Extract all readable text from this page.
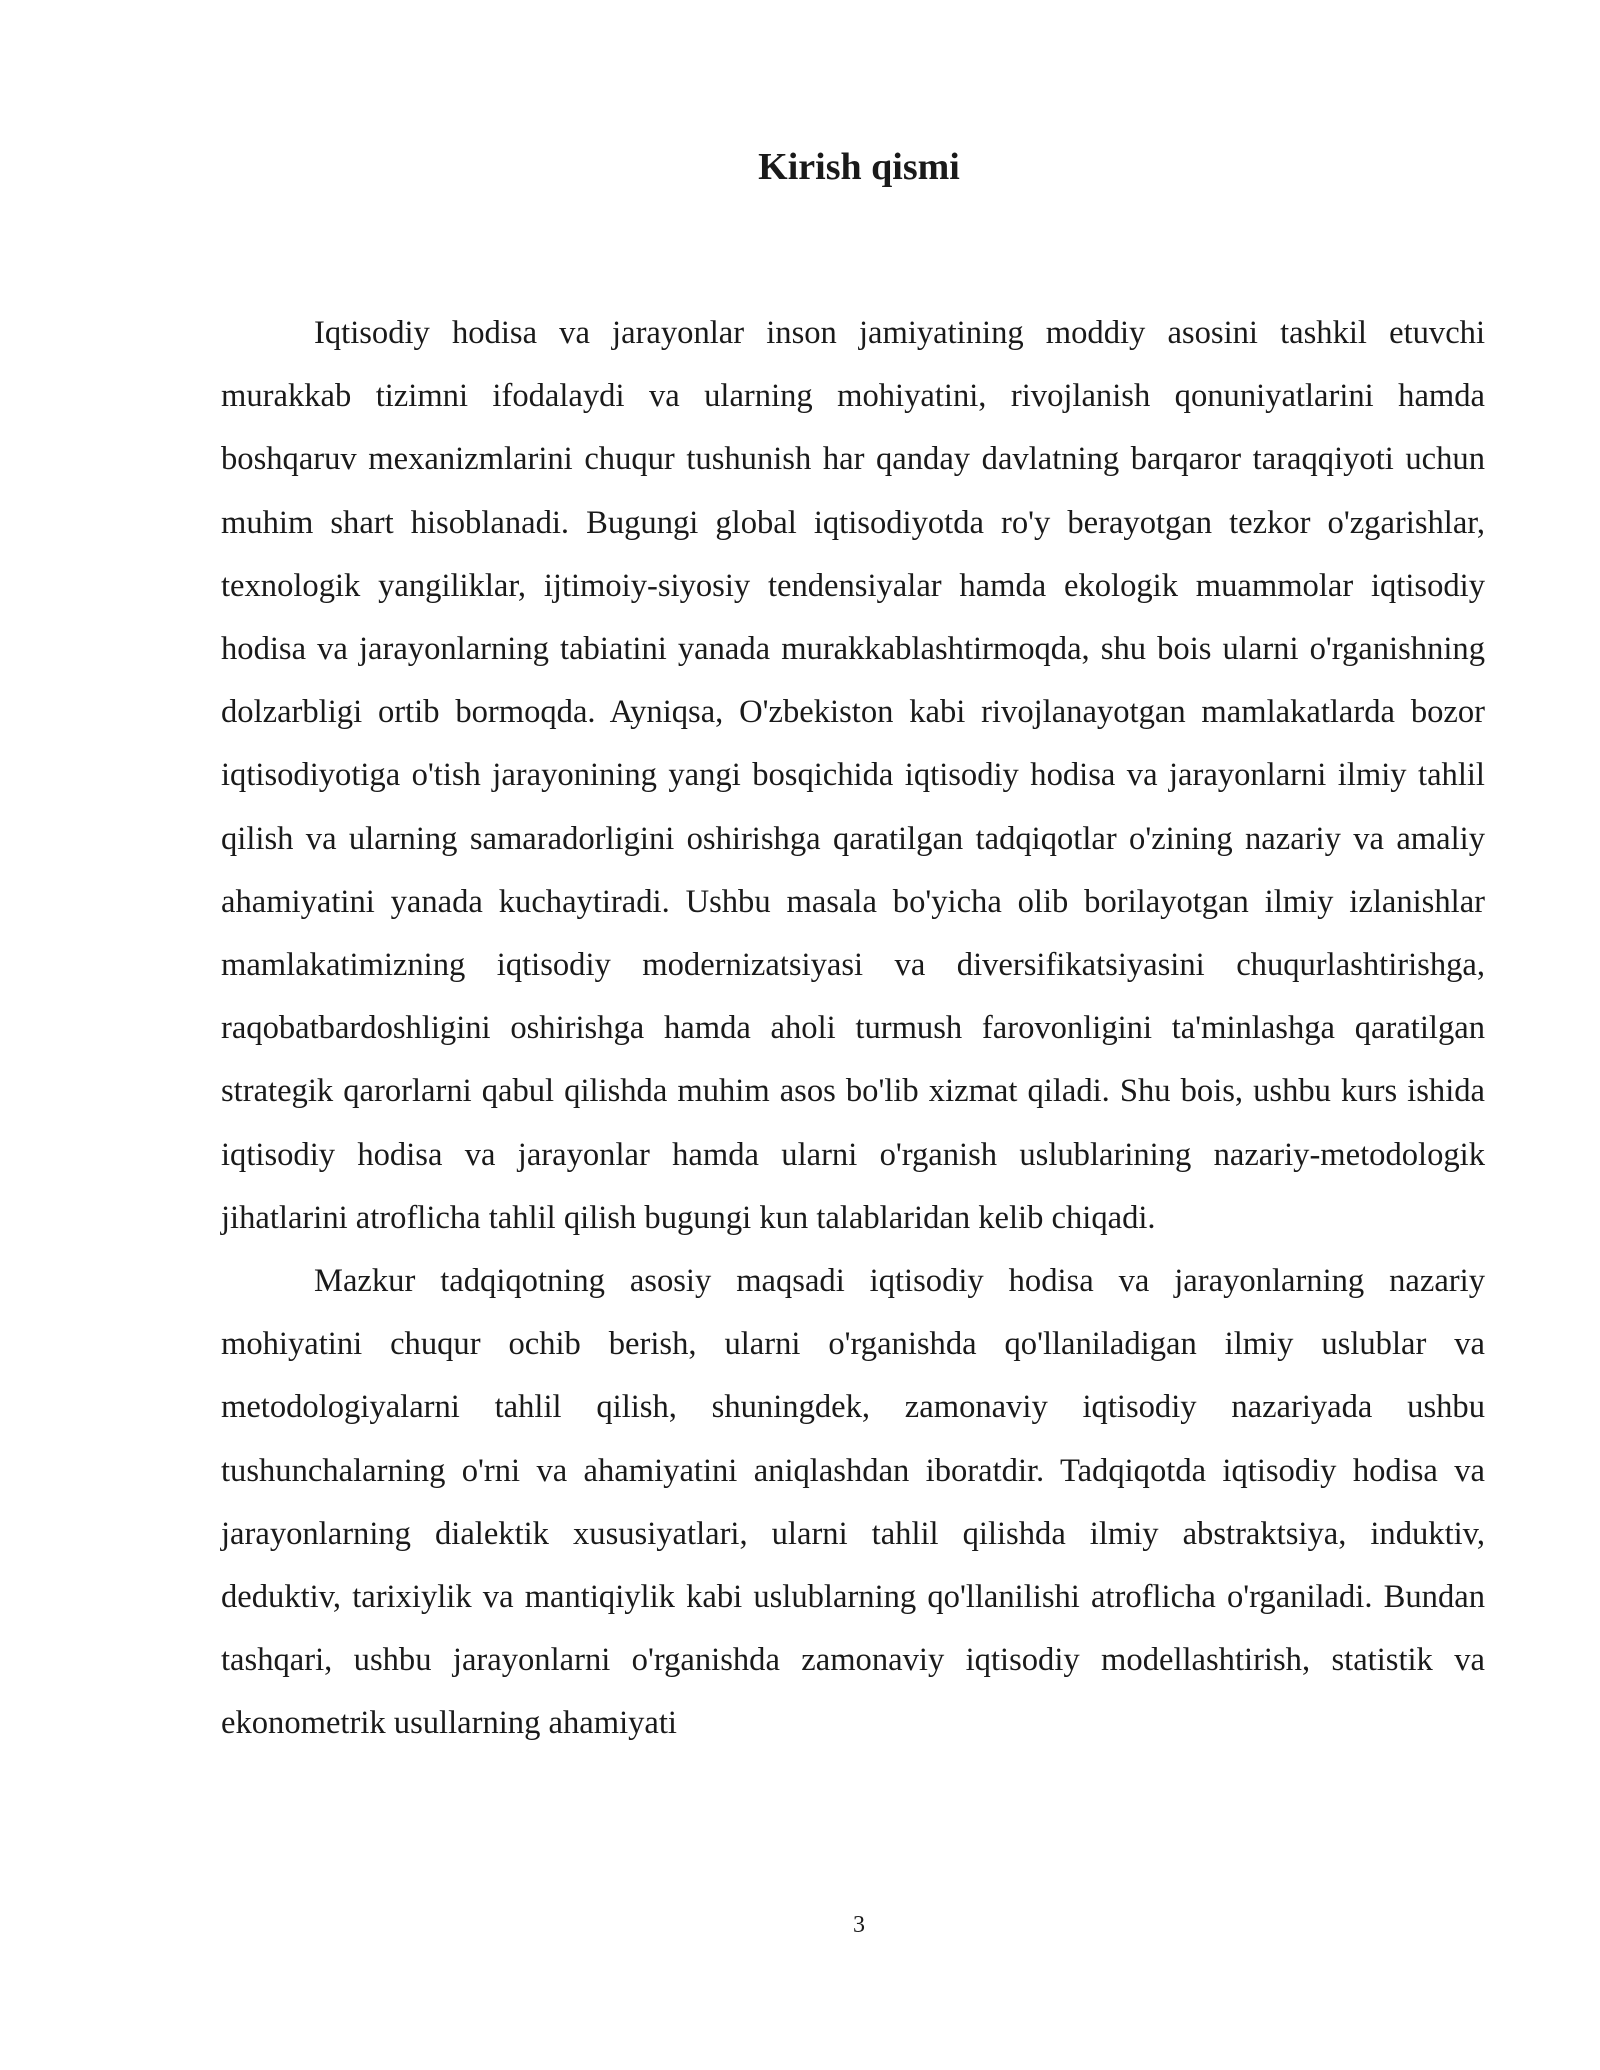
Kirish qismi

Iqtisodiy hodisa va jarayonlar inson jamiyatining moddiy asosini tashkil etuvchi murakkab tizimni ifodalaydi va ularning mohiyatini, rivojlanish qonuniyatlarini hamda boshqaruv mexanizmlarini chuqur tushunish har qanday davlatning barqaror taraqqiyoti uchun muhim shart hisoblanadi. Bugungi global iqtisodiyotda ro'y berayotgan tezkor o'zgarishlar, texnologik yangiliklar, ijtimoiy-siyosiy tendensiyalar hamda ekologik muammolar iqtisodiy hodisa va jarayonlarning tabiatini yanada murakkablashtirmoqda, shu bois ularni o'rganishning dolzarbligi ortib bormoqda. Ayniqsa, O'zbekiston kabi rivojlanayotgan mamlakatlarda bozor iqtisodiyotiga o'tish jarayonining yangi bosqichida iqtisodiy hodisa va jarayonlarni ilmiy tahlil qilish va ularning samaradorligini oshirishga qaratilgan tadqiqotlar o'zining nazariy va amaliy ahamiyatini yanada kuchaytiradi. Ushbu masala bo'yicha olib borilayotgan ilmiy izlanishlar mamlakatimizning iqtisodiy modernizatsiyasi va diversifikatsiyasini chuqurlashtirishga, raqobatbardoshligini oshirishga hamda aholi turmush farovonligini ta'minlashga qaratilgan strategik qarorlarni qabul qilishda muhim asos bo'lib xizmat qiladi. Shu bois, ushbu kurs ishida iqtisodiy hodisa va jarayonlar hamda ularni o'rganish uslublarining nazariy-metodologik jihatlarini atroflicha tahlil qilish bugungi kun talablaridan kelib chiqadi.

Mazkur tadqiqotning asosiy maqsadi iqtisodiy hodisa va jarayonlarning nazariy mohiyatini chuqur ochib berish, ularni o'rganishda qo'llaniladigan ilmiy uslublar va metodologiyalarni tahlil qilish, shuningdek, zamonaviy iqtisodiy nazariyada ushbu tushunchalarning o'rni va ahamiyatini aniqlashdan iboratdir. Tadqiqotda iqtisodiy hodisa va jarayonlarning dialektik xususiyatlari, ularni tahlil qilishda ilmiy abstraktsiya, induktiv, deduktiv, tarixiylik va mantiqiylik kabi uslublarning qo'llanilishi atroflicha o'rganiladi. Bundan tashqari, ushbu jarayonlarni o'rganishda zamonaviy iqtisodiy modellashtirish, statistik va ekonometrik usullarning ahamiyati

3
